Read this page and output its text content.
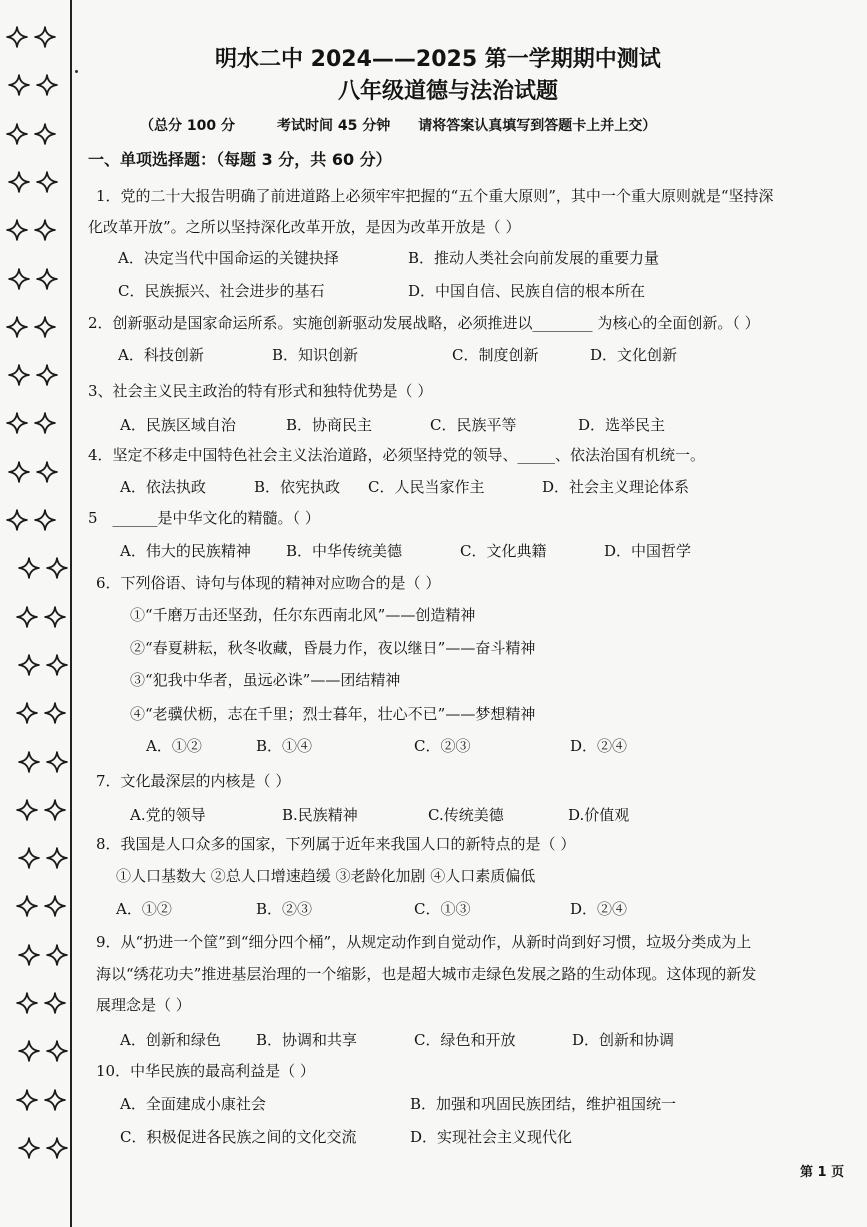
明水二中 2024——2025 第一学期期中测试
八年级道德与法治试题
（总分 100 分　　　考试时间 45 分钟　　请将答案认真填写到答题卡上并上交）
一、单项选择题：（每题 3 分，共 60 分）
1．党的二十大报告明确了前进道路上必须牢牢把握的“五个重大原则”，其中一个重大原则就是“坚持深
化改革开放”。之所以坚持深化改革开放，是因为改革开放是（ ）
A．决定当代中国命运的关键抉择	B．推动人类社会向前发展的重要力量
C．民族振兴、社会进步的基石	D．中国自信、民族自信的根本所在
2．创新驱动是国家命运所系。实施创新驱动发展战略，必须推进以________ 为核心的全面创新。（ ）
A．科技创新	B．知识创新	C．制度创新	D．文化创新
3、社会主义民主政治的特有形式和独特优势是（ ）
A．民族区域自治	B．协商民主	C．民族平等	D．选举民主
4．坚定不移走中国特色社会主义法治道路，必须坚持党的领导、_____、依法治国有机统一。
A．依法执政	B．依宪执政 C．人民当家作主	D．社会主义理论体系
5　______是中华文化的精髓。（ ）
A．伟大的民族精神 B．中华传统美德	C．文化典籍	D．中国哲学
6．下列俗语、诗句与体现的精神对应吻合的是（ ）
①“千磨万击还坚劲，任尔东西南北风”——创造精神
②“春夏耕耘，秋冬收藏，昏晨力作，夜以继日”——奋斗精神
③“犯我中华者，虽远必诛”——团结精神
④“老骥伏枥，志在千里；烈士暮年，壮心不已”——梦想精神
A．①②	B．①④	C．②③	D．②④
7．文化最深层的内核是（ ）
A.党的领导	B.民族精神	C.传统美德	D.价值观
8．我国是人口众多的国家，下列属于近年来我国人口的新特点的是（ ）
①人口基数大 ②总人口增速趋缓 ③老龄化加剧 ④人口素质偏低
A．①②	B．②③	C．①③	D．②④
9．从“扔进一个筐”到“细分四个桶”，从规定动作到自觉动作，从新时尚到好习惯，垃圾分类成为上
海以“绣花功夫”推进基层治理的一个缩影，也是超大城市走绿色发展之路的生动体现。这体现的新发
展理念是（ ）
A．创新和绿色 B．协调和共享	C．绿色和开放	D．创新和协调
10．中华民族的最高利益是（ ）
A．全面建成小康社会	B．加强和巩固民族团结，维护祖国统一
C．积极促进各民族之间的文化交流	D．实现社会主义现代化
第 1 页
